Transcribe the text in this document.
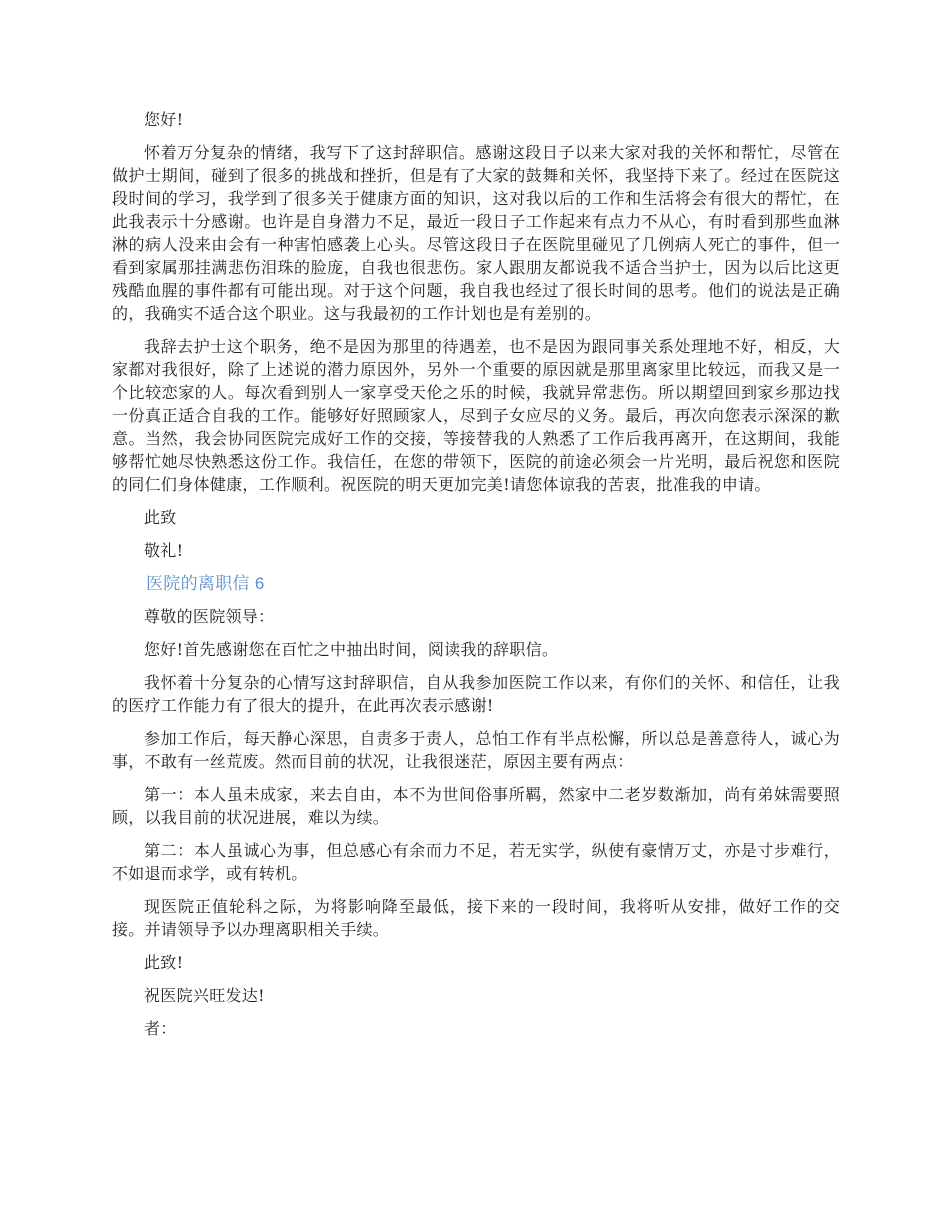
您好!

怀着万分复杂的情绪，我写下了这封辞职信。感谢这段日子以来大家对我的关怀和帮忙，尽管在做护士期间，碰到了很多的挑战和挫折，但是有了大家的鼓舞和关怀，我坚持下来了。经过在医院这段时间的学习，我学到了很多关于健康方面的知识，这对我以后的工作和生活将会有很大的帮忙，在此我表示十分感谢。也许是自身潜力不足，最近一段日子工作起来有点力不从心，有时看到那些血淋淋的病人没来由会有一种害怕感袭上心头。尽管这段日子在医院里碰见了几例病人死亡的事件，但一看到家属那挂满悲伤泪珠的脸庞，自我也很悲伤。家人跟朋友都说我不适合当护士，因为以后比这更残酷血腥的事件都有可能出现。对于这个问题，我自我也经过了很长时间的思考。他们的说法是正确的，我确实不适合这个职业。这与我最初的工作计划也是有差别的。

我辞去护士这个职务，绝不是因为那里的待遇差，也不是因为跟同事关系处理地不好，相反，大家都对我很好，除了上述说的潜力原因外，另外一个重要的原因就是那里离家里比较远，而我又是一个比较恋家的人。每次看到别人一家享受天伦之乐的时候，我就异常悲伤。所以期望回到家乡那边找一份真正适合自我的工作。能够好好照顾家人，尽到子女应尽的义务。最后，再次向您表示深深的歉意。当然，我会协同医院完成好工作的交接，等接替我的人熟悉了工作后我再离开，在这期间，我能够帮忙她尽快熟悉这份工作。我信任，在您的带领下，医院的前途必须会一片光明，最后祝您和医院的同仁们身体健康，工作顺利。祝医院的明天更加完美!请您体谅我的苦衷，批准我的申请。

此致

敬礼!

医院的离职信 6

尊敬的医院领导：

您好!首先感谢您在百忙之中抽出时间，阅读我的辞职信。

我怀着十分复杂的心情写这封辞职信，自从我参加医院工作以来，有你们的关怀、和信任，让我的医疗工作能力有了很大的提升，在此再次表示感谢!

参加工作后，每天静心深思，自责多于责人，总怕工作有半点松懈，所以总是善意待人，诚心为事，不敢有一丝荒废。然而目前的状况，让我很迷茫，原因主要有两点：

第一：本人虽未成家，来去自由，本不为世间俗事所羁，然家中二老岁数渐加，尚有弟妹需要照顾，以我目前的状况进展，难以为续。

第二：本人虽诚心为事，但总感心有余而力不足，若无实学，纵使有豪情万丈，亦是寸步难行，不如退而求学，或有转机。

现医院正值轮科之际，为将影响降至最低，接下来的一段时间，我将听从安排，做好工作的交接。并请领导予以办理离职相关手续。

此致!

祝医院兴旺发达!

者：
